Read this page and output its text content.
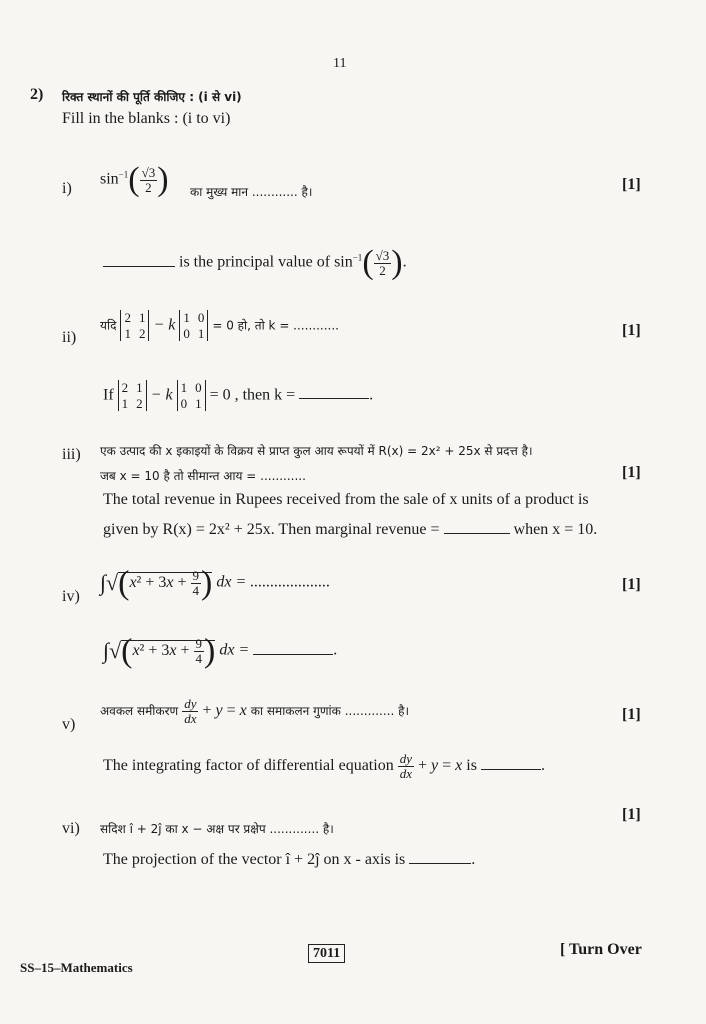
11
2) रिक्त स्थानों की पूर्ति कीजिए : (i से vi)
Fill in the blanks : (i to vi)
i)
$\sin^{-1}( \frac{√3}{2}$ ) का मुख्य मान ............ है।	[1]
is the principal value of $\sin^{-1}( \frac{√3}{2}$ ).
ii)
यदि
2 1
1 2 − k 1 0
0 1
= 0 हो, तो k = ............	[1]
If 2 1
1 2 − k 1 0
0 1 = 0 , then k =	.
iii) एक उत्पाद की x इकाइयों के विक्रय से प्राप्त कुल आय रूपयों में R(x) = 2x² + 25x से प्रदत्त है।
जब x = 10 है तो सीमान्त आय = ............	[1]
The total revenue in Rupees received from the sale of x units of a product is
given by R(x) = 2x² + 25x. Then marginal revenue =	when x = 10.
iv)
$\int√(x^2 + 3x + \frac{9}{4}$ ) dx = ....................	[1]
$\int√(x^2 + 3x + \frac{9}{4}$ ) dx =	.
v)
अवकल समीकरण $\frac{dy}{dx} + y = x$ का समाकलन गुणांक ............. है।	[1]
The integrating factor of differential equation $\frac{dy}{dx} + y = x$ is	.
vi) सदिश î + 2ĵ का x − अक्ष पर प्रक्षेप ............. है।
[1]
The projection of the vector î + 2ĵ on x - axis is	.
7011
SS–15–Mathematics
[ Turn Over
